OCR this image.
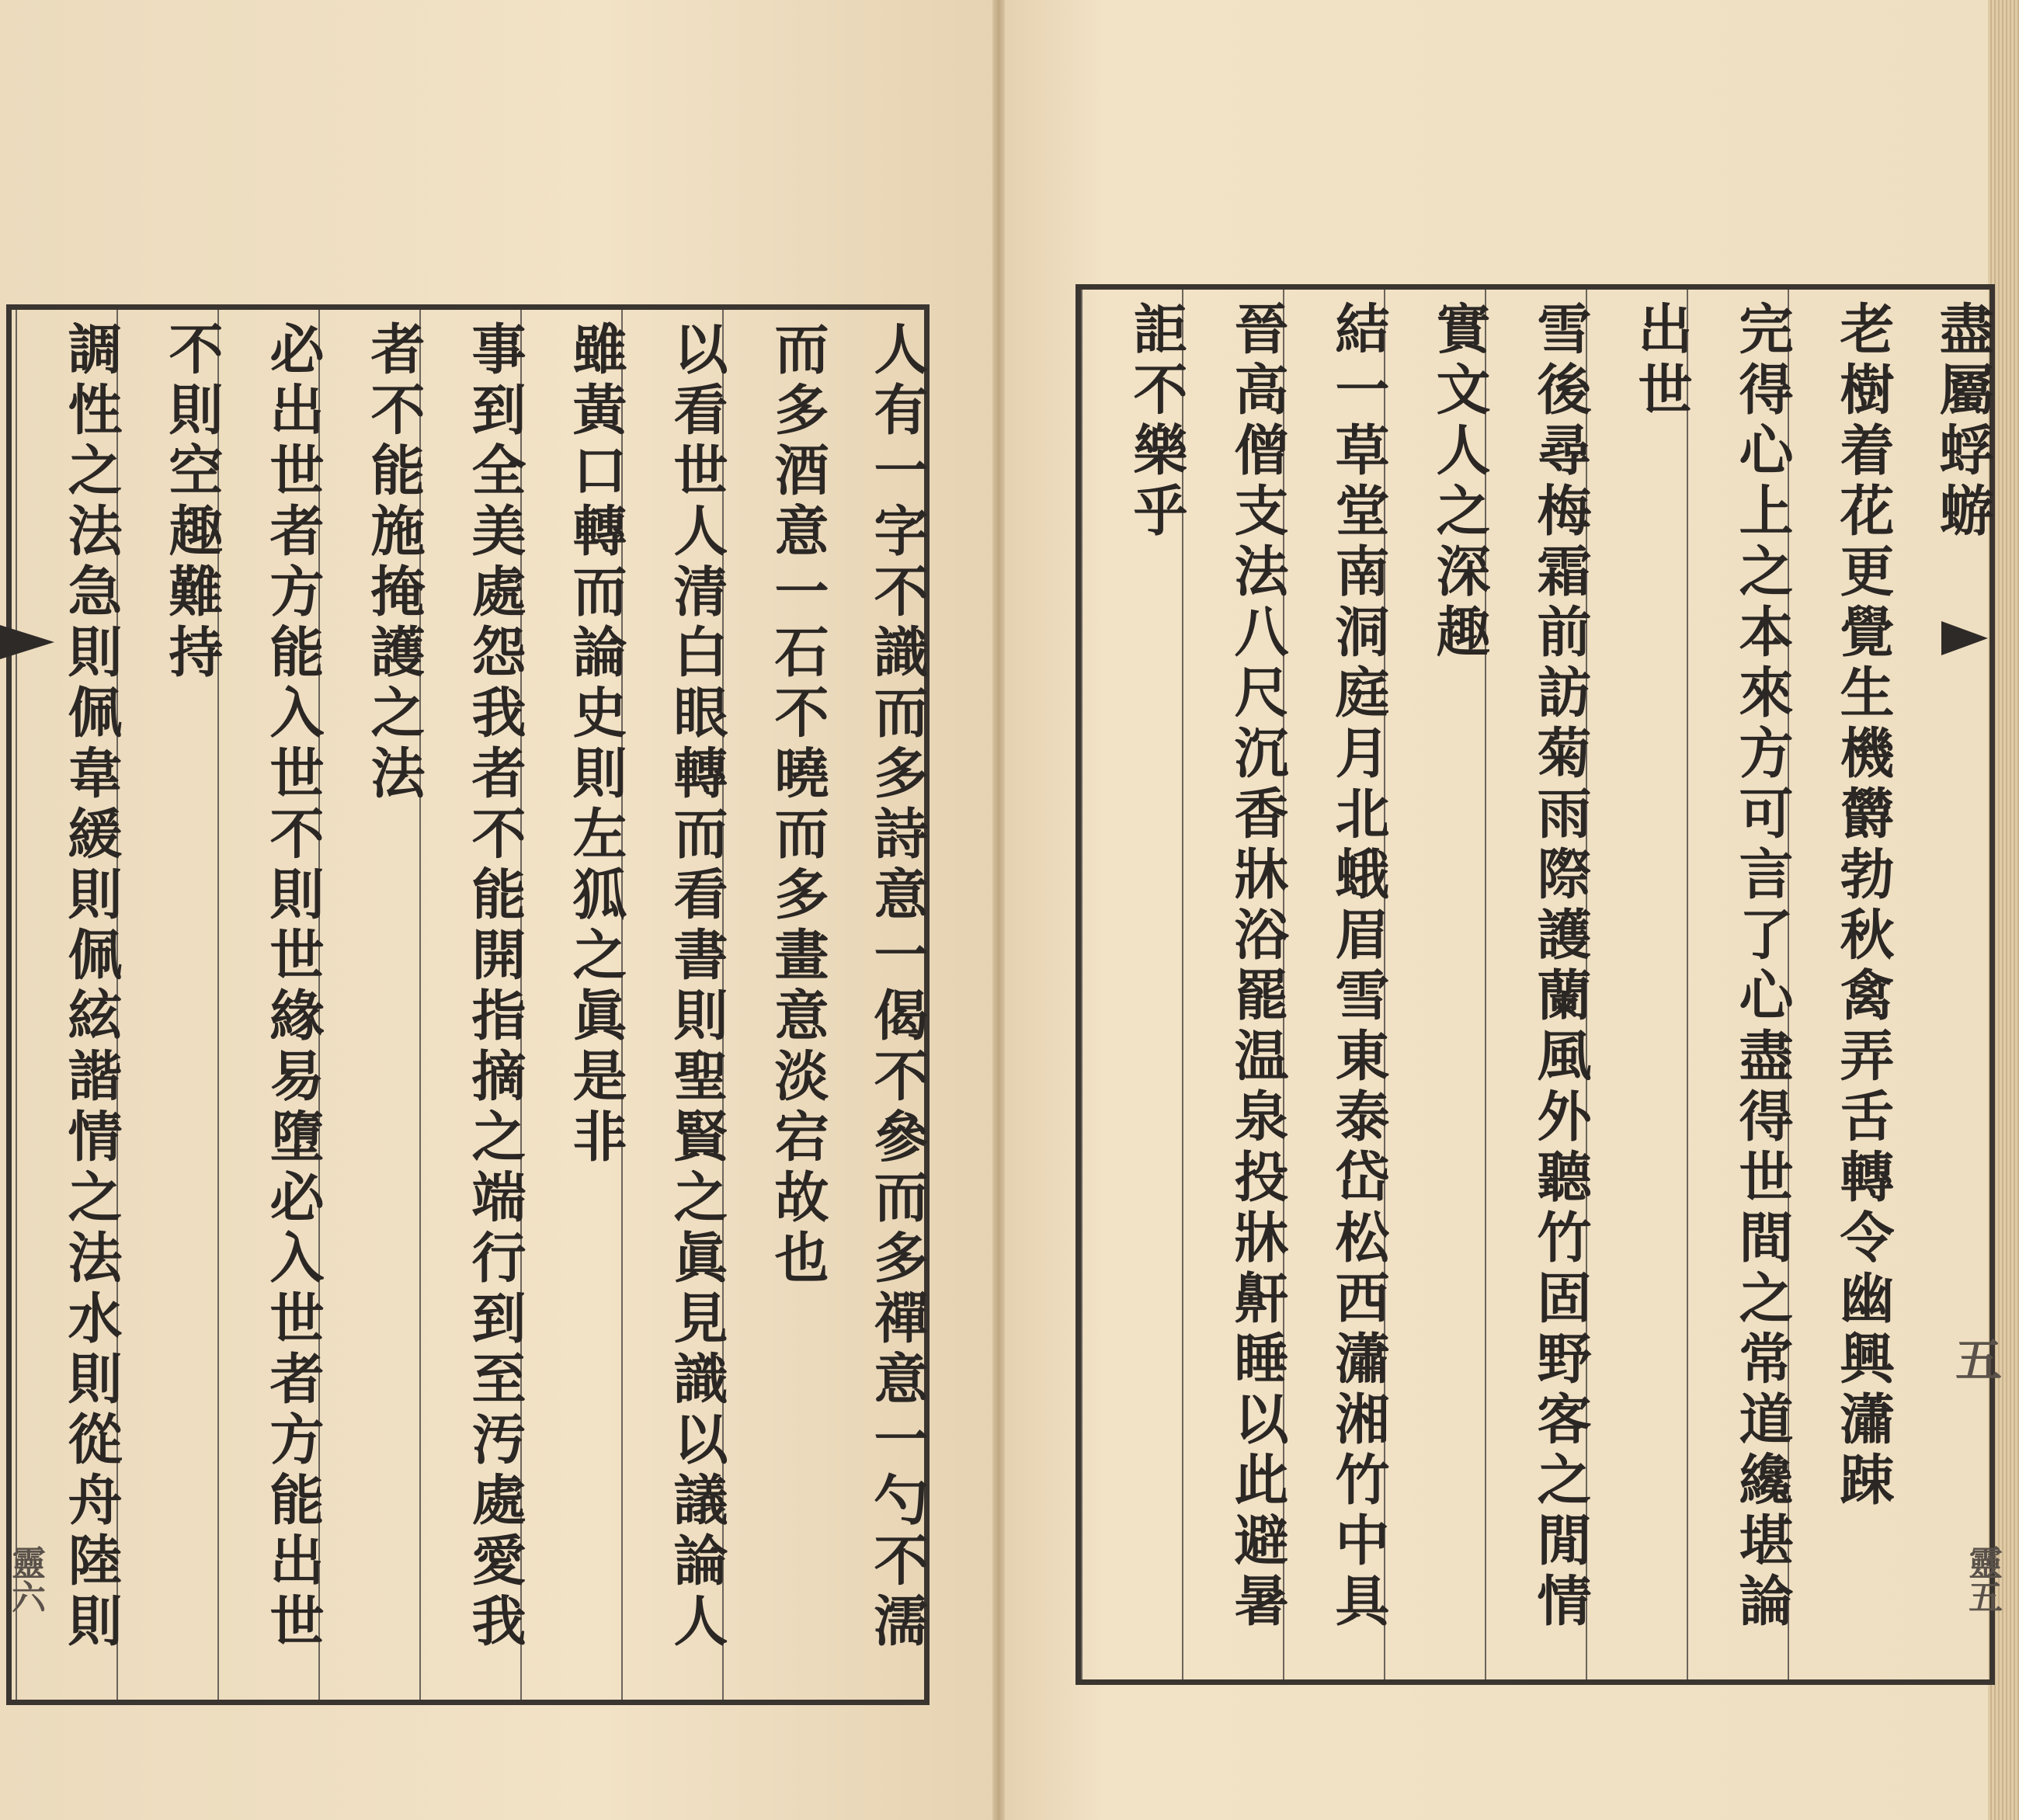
人有一字不識而多詩意一偈不參而多禪意一勺不濡
而多酒意一石不曉而多畫意淡宕故也
以看世人清白眼轉而看書則聖賢之眞見識以議論人
雖黃口轉而論史則左狐之眞是非
事到全美處怨我者不能開指摘之端行到至汚處愛我
者不能施掩護之法
必出世者方能入世不則世緣易墮必入世者方能出世
不則空趣難持
調性之法急則佩韋緩則佩絃諧情之法水則從舟陸則	盡屬蜉蝣
老樹着花更覺生機欝勃秋禽弄舌轉令幽興瀟踈
完得心上之本來方可言了心盡得世間之常道纔堪論
出世
雪後尋梅霜前訪菊雨際護蘭風外聽竹固野客之閒情
實文人之深趣
結一草堂南洞庭月北蛾眉雪東泰岱松西瀟湘竹中具
晉高僧支法八尺沉香牀浴罷温泉投牀鼾睡以此避暑
詎不樂乎
五
靈五
靈六
